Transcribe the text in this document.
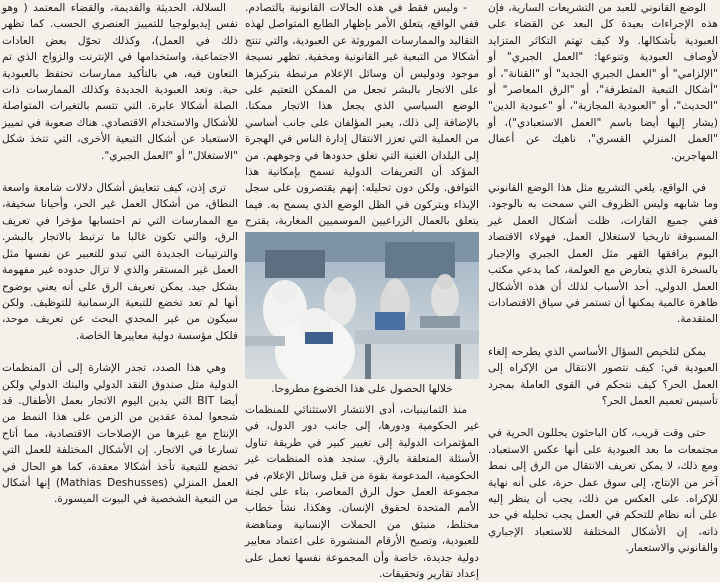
الوضع القانوني للعبد من التشريعات السارية، فإن هذه الإجراءات بعيدة كل البعد عن القضاء على العبودية بأشكالها. ولا كيف تهتم التكاثر المتزايد لأوصاف العبودية وتنوعها: "العمل الجبري" أو "الإلزامي" أو "العمل الجبري الجديد" أو "القنانة"، أو "أشكال التبعية المتطرفة"، أو "الرق المعاصر" أو "الحديث"، أو "العبودية المجازية"، أو "عبودية الدين" (يشار إليها أيضا باسم "العمل الاستعبادي")، أو "العمل المنزلي القسري"، ناهيك عن أعمال المهاجرين.

في الواقع، يلغي التشريع مثل هذا الوضع القانوني وما شابهه وليس الظروف التي سمحت به بالوجود. ففي جميع القارات، ظلت أشكال العمل غير المسبوقة تاريخيا لاستغلال العمل. فهولاء الاقتصاد اليوم يرافقها القهر مثل العمل الجبري والإجبار بالسخرة الذي يتعارض مع العولمة، كما يدعي مكتب العمل الدولي. أحد الأسباب لذلك أن هذه الأشكال ظاهرة عالمية يمكنها أن تستمر في سياق الاقتصادات المتقدمة.

يمكن لتلخيص السؤال الأساسي الذي يطرحه إلغاء العبودية في: كيف نتصور الانتقال من الإكراه إلى العمل الحر؟ كيف نتحكم في القوى العاملة بمجرد تأسيس تعميم العمل الحر؟

حتى وقت قريب، كان الباحثون يحللون الحرية في مجتمعات ما بعد العبودية على أنها عكس الاستعباد. ومع ذلك، لا يمكن تعريف الانتقال من الرق إلى نمط آخر من الإنتاج، إلى سوق عمل حرة، على أنه نهاية للإكراه. على العكس من ذلك، يجب أن ينظر إليه على أنه نظام للتحكم في العمل يجب تحليله في حد ذاته، إن الأشكال المختلفة للاستعباد الإجباري والقانوني والاستعمار.

- وليس فقط في هذه الحالات القانونية بالتصادم. ففي الواقع، يتعلق الأمر بإظهار الطابع المتواصل لهذه التقاليد والممارسات الموروثة عن العبودية، والتي تنتج أشكالا من التبعية غير القانونية ومخفية. تظهر نسيجة موجود ودوليس أن وسائل الإعلام مرتبطة بتركيزها على الاتجار بالبشر تجعل من الممكن التعتيم على الوضع السياسي الذي يجعل هذا الاتجار ممكنا. بالإضافة إلى ذلك، يعبر المؤلفان على جانب أساسي من العملية التي تعزز الانتقال إدارة الناس في الهجرة إلى البلدان الغنية التي تغلق حدودها في وجوههم. من المؤكد أن التعريفات الدولية تسمح بإمكانية هذا التوافق. ولكن دون تحليله: إنهم يقتصرون على سجل الإيذاء ويتركون في الظل الوضع الذي يسمح به. فيما يتعلق بالعمال الزراعيين الموسميين المغاربة، يقترح

منذ الثمانينيات، أدى الانتشار الاستثنائي للمنظمات غير الحكومية ودورها، إلى جانب دور الدول، في المؤتمرات الدولية إلى تغيير كبير في طريقة تناول الأسئلة المتعلقة بالرق. ستجد هذه المنظمات غير الحكومية، المدعومة بقوة من قبل وسائل الإعلام، في مجموعة العمل حول الرق المعاصر، بناء على لجنة الأمم المتحدة لحقوق الإنسان. وهكذا، نشأ خطاب مختلط، منبثق من الحملات الإنسانية ومناهضة للعبودية، وتصبح الأرقام المنشورة على اعتماد معايير دولية جديدة، خاصة وأن المجموعة نفسها تعمل على إعداد تقارير وتحقيقات.

خلالها الحصول على هذا الخضوع مطروحا.

السلالة، الحديثة والقديمة، والقضاء المعتمد ( وهو نفس إيديولوجيا للتمييز العنصري الحسب. كما تظهر ذلك في العمل)، وكذلك تحوّل بعض العادات الاجتماعية، واستخدامها في الإنترنت والزواج الذي تم التعاون فيه، هي بالتأكيد ممارسات تحتفظ بالعبودية حية. وتعد العبودية الجديدة وكذلك الممارسات ذات الصلة أشكالا عابرة. التي تتسم بالتغيرات المتواصلة للأشكال والاستخدام الاقتصادي. هناك صعوبة في تمييز الاستعباد عن أشكال التبعية الأخرى، التي تتخذ شكل "الاستغلال" أو "العمل الجبري".

ترى إذن، كيف تتعايش أشكال دلالات شامعة واسعة النطاق، من أشكال العمل غير الحر، وأحيانا سخيفة، مع الممارسات التي تم احتسابها مؤخرا في تعريف الرق، والتي تكون غالبا ما ترتبط بالاتجار بالبشر. والترتيبات الجديدة التي تبدو للتعبير عن نفسها مثل العمل غير المستقر والذي لا تزال حدوده غير مفهومة بشكل جيد. يمكن تعريف الرق على أنه يعني بوضوح أنها لم تعد تخضع للتبعية الرسمانية للتوظيف. ولكن سيكون من غير المجدي البحث عن تعريف موحد، فلكل مؤسسة دولية معاييرها الخاصة.

وهي هذا الصدد، تجدر الإشارة إلى أن المنظمات الدولية مثل صندوق النقد الدولي والبنك الدولي ولكن أيضا BIT التي يدين اليوم الاتجار بعمل الأطفال. قد شجعوا لمدة عقدين من الزمن على هذا النمط من الإنتاج مع غيرها من الإصلاحات الاقتصادية، مما أتاح تسارعا في الاتجار. إن الأشكال المختلفة للعمل التي تخضع للتبعية تأخذ أشكالا معقدة، كما هو الحال في العمل المنزلي (Mathias Deshusses) إنها أشكال من التبعية الشخصية في البيوت الميسورة.
